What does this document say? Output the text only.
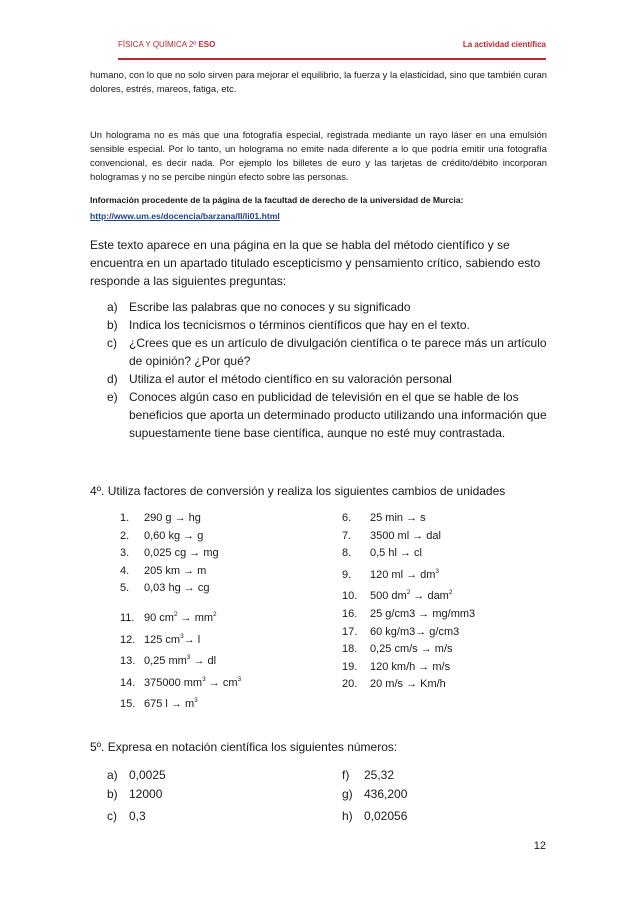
FÍSICA Y QUÍMICA 2º ESO	La actividad científica
humano, con lo que no solo sirven para mejorar el equilibrio, la fuerza y la elasticidad, sino que también curan dolores, estrés, mareos, fatiga, etc.
Un holograma no es más que una fotografía especial, registrada mediante un rayo láser en una emulsión sensible especial. Por lo tanto, un holograma no emite nada diferente a lo que podría emitir una fotografía convencional, es decir nada. Por ejemplo los billetes de euro y las tarjetas de crédito/débito incorporan hologramas y no se percibe ningún efecto sobre las personas.
Información procedente de la página de la facultad de derecho de la universidad de Murcia:
http://www.um.es/docencia/barzana/II/Ii01.html
Este texto aparece en una página en la que se habla del método científico y se encuentra en un apartado titulado escepticismo y pensamiento crítico, sabiendo esto responde a las siguientes preguntas:
a) Escribe las palabras que no conoces y su significado
b) Indica los tecnicismos o términos científicos que hay en el texto.
c) ¿Crees que es un artículo de divulgación científica o te parece más un artículo de opinión? ¿Por qué?
d) Utiliza el autor el método científico en su valoración personal
e) Conoces algún caso en publicidad de televisión en el que se hable de los beneficios que aporta un determinado producto utilizando una información que supuestamente tiene base científica, aunque no esté muy contrastada.
4º. Utiliza factores de conversión y realiza los siguientes cambios de unidades
1. 290 g → hg
2. 0,60 kg → g
3. 0,025 cg → mg
4. 205 km → m
5. 0,03 hg → cg
6. 25 min → s
7. 3500 ml → dal
8. 0,5 hl → cl
9. 120 ml → $dm^3$
10. 500 $dm^2 \to dam^2$
11. 90 $cm^2 \to mm^2$
12. 125 $cm^3\to l$
13. 0,25 $mm^3$ → dl
14. 375000 $mm^3 \to cm^3$
15. 675 $l \to m^3$
16. 25 g/cm3 → mg/mm3
17. 60 kg/m3→ g/cm3
18. 0,25 cm/s → m/s
19. 120 km/h → m/s
20. 20 m/s → Km/h
5º. Expresa en notación científica los siguientes números:
a) 0,0025
b) 12000
c) 0,3
f) 25,32
g) 436,200
h) 0,02056
12
